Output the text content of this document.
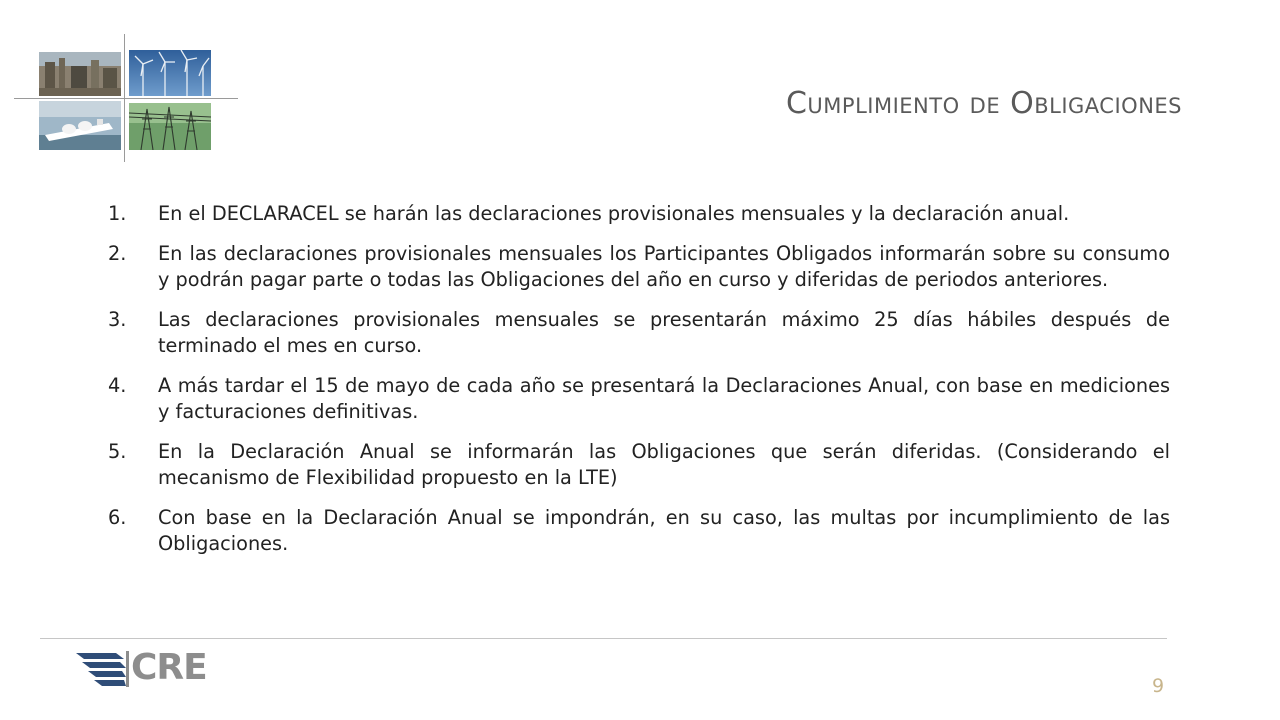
Cumplimiento de Obligaciones
1.	En el DECLARACEL se harán las declaraciones provisionales mensuales y la declaración anual.
2.	En las declaraciones provisionales mensuales los Participantes Obligados informarán sobre su consumo y podrán pagar parte o todas las Obligaciones del año en curso y diferidas de periodos anteriores.
3.	Las declaraciones provisionales mensuales se presentarán máximo 25 días hábiles después de terminado el mes en curso.
4.	A más tardar el 15 de mayo de cada año se presentará la Declaraciones Anual, con base en mediciones y facturaciones definitivas.
5.	En la Declaración Anual se informarán las Obligaciones que serán diferidas. (Considerando el mecanismo de Flexibilidad propuesto en la LTE)
6.	Con base en la Declaración Anual se impondrán, en su caso, las multas por incumplimiento de las Obligaciones.
CRE	9
